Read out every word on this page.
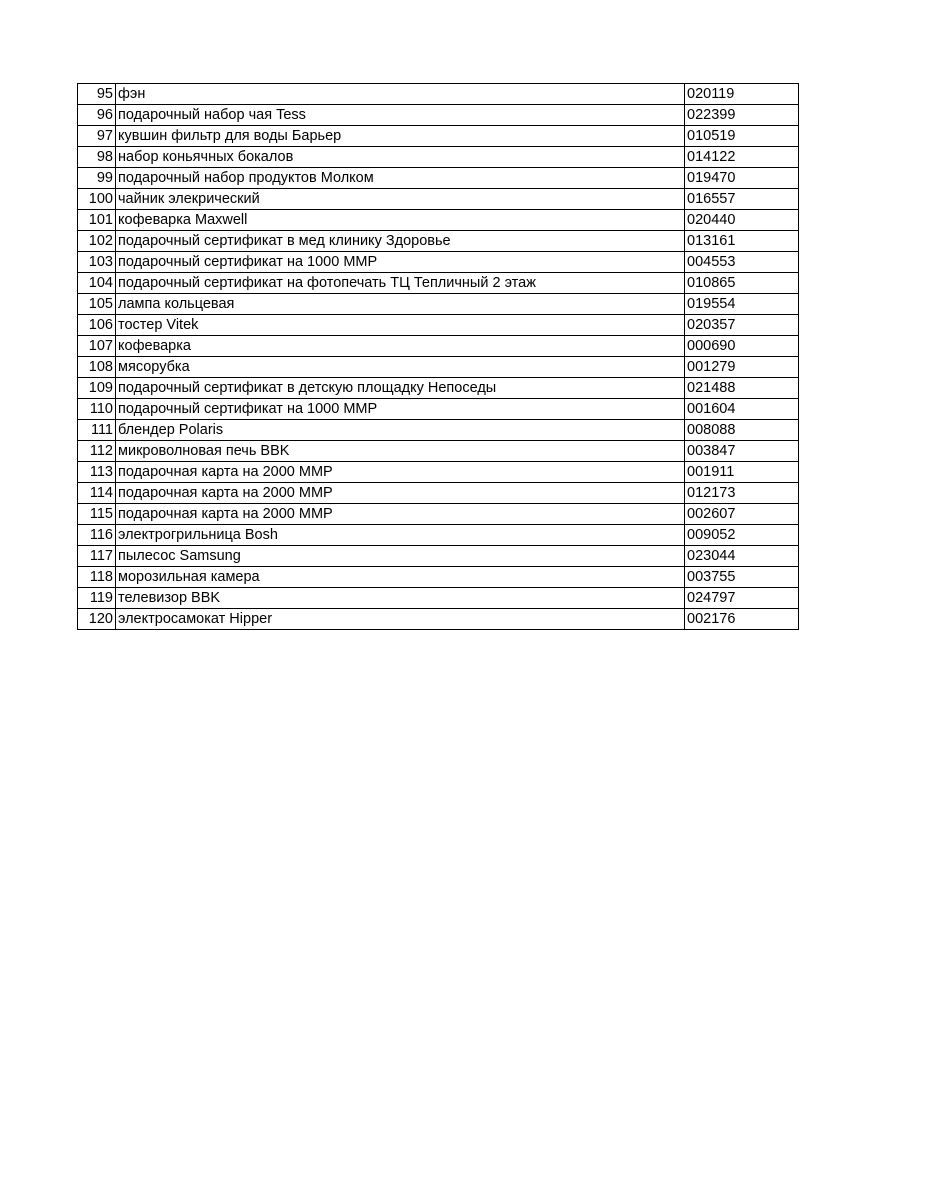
95	фэн	020119
96	подарочный набор чая Tess	022399
97	кувшин фильтр для воды Барьер	010519
98	набор коньячных бокалов	014122
99	подарочный набор продуктов Молком	019470
100	чайник элекрический	016557
101	кофеварка Maxwell	020440
102	подарочный сертификат в мед клинику Здоровье	013161
103	подарочный сертификат на 1000 ММР	004553
104	подарочный сертификат на фотопечать ТЦ Тепличный 2 этаж	010865
105	лампа кольцевая	019554
106	тостер Vitek	020357
107	кофеварка	000690
108	мясорубка	001279
109	подарочный сертификат в детскую площадку Непоседы	021488
110	подарочный сертификат на 1000 ММР	001604
111	блендер Polaris	008088
112	микроволновая печь BBK	003847
113	подарочная карта на 2000 ММР	001911
114	подарочная карта на 2000 ММР	012173
115	подарочная карта на 2000 ММР	002607
116	электрогрильница Bosh	009052
117	пылесос Samsung	023044
118	морозильная камера	003755
119	телевизор BBK	024797
120	электросамокат Hipper	002176
